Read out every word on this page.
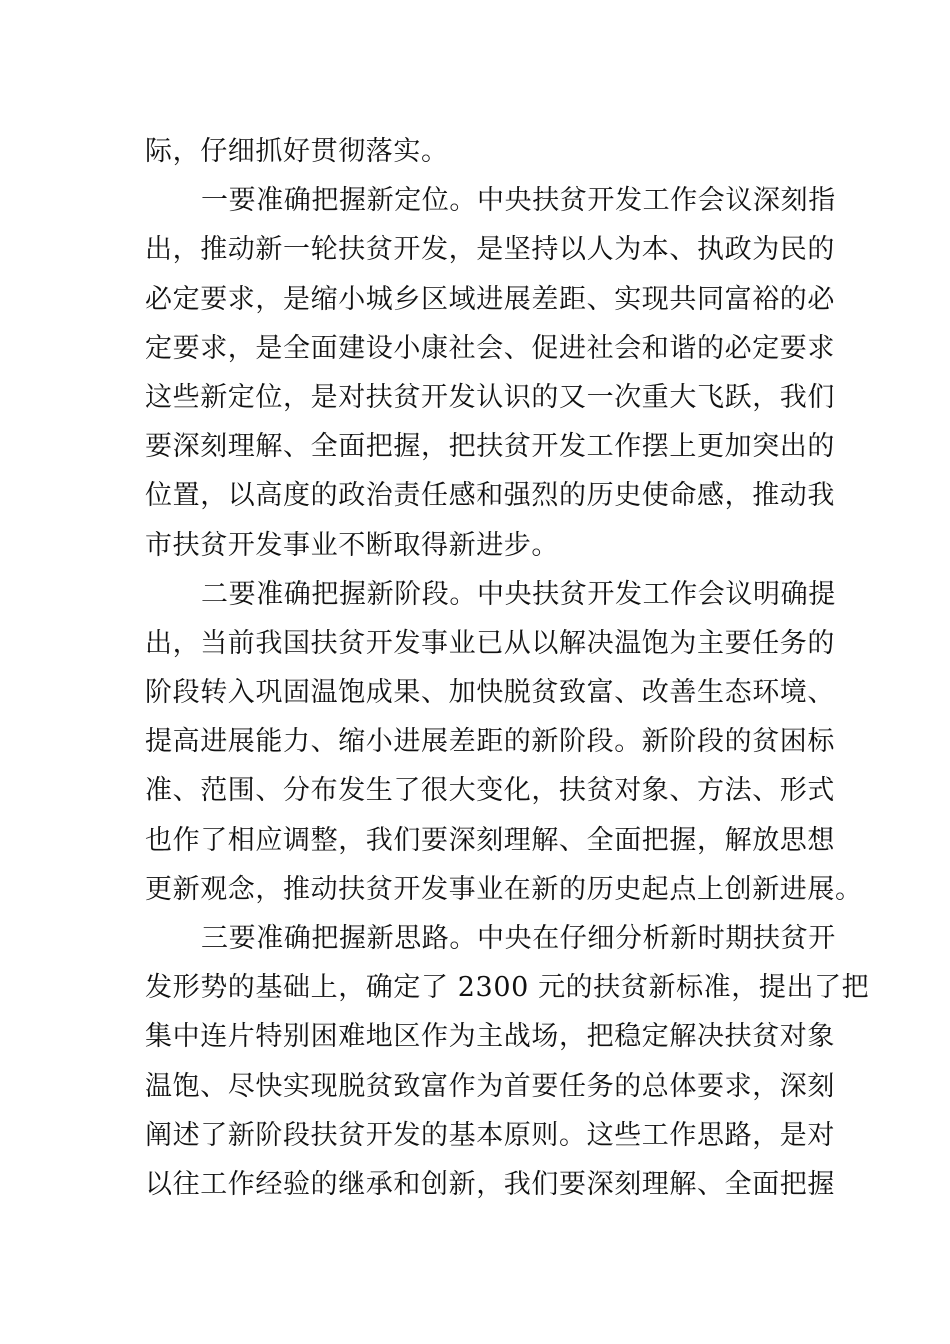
际，仔细抓好贯彻落实。
一要准确把握新定位。中央扶贫开发工作会议深刻指
出，推动新一轮扶贫开发，是坚持以人为本、执政为民的
必定要求，是缩小城乡区域进展差距、实现共同富裕的必
定要求，是全面建设小康社会、促进社会和谐的必定要求
这些新定位，是对扶贫开发认识的又一次重大飞跃，我们
要深刻理解、全面把握，把扶贫开发工作摆上更加突出的
位置，以高度的政治责任感和强烈的历史使命感，推动我
市扶贫开发事业不断取得新进步。
二要准确把握新阶段。中央扶贫开发工作会议明确提
出，当前我国扶贫开发事业已从以解决温饱为主要任务的
阶段转入巩固温饱成果、加快脱贫致富、改善生态环境、
提高进展能力、缩小进展差距的新阶段。新阶段的贫困标
准、范围、分布发生了很大变化，扶贫对象、方法、形式
也作了相应调整，我们要深刻理解、全面把握，解放思想
更新观念，推动扶贫开发事业在新的历史起点上创新进展。
三要准确把握新思路。中央在仔细分析新时期扶贫开
发形势的基础上，确定了 2300 元的扶贫新标准，提出了把
集中连片特别困难地区作为主战场，把稳定解决扶贫对象
温饱、尽快实现脱贫致富作为首要任务的总体要求，深刻
阐述了新阶段扶贫开发的基本原则。这些工作思路，是对
以往工作经验的继承和创新，我们要深刻理解、全面把握
